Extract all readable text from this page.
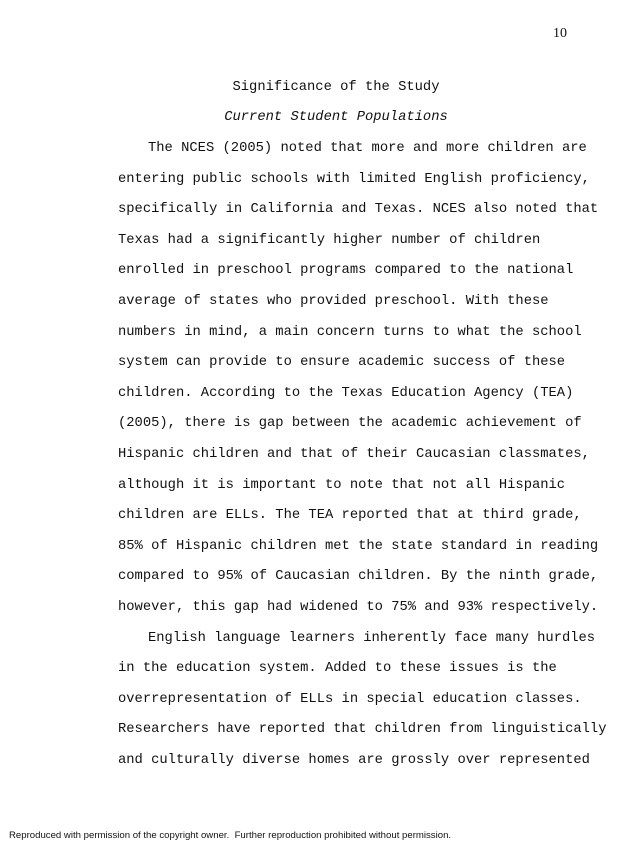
10
Significance of the Study
Current Student Populations
The NCES (2005) noted that more and more children are
entering public schools with limited English proficiency,
specifically in California and Texas. NCES also noted that
Texas had a significantly higher number of children
enrolled in preschool programs compared to the national
average of states who provided preschool. With these
numbers in mind, a main concern turns to what the school
system can provide to ensure academic success of these
children. According to the Texas Education Agency (TEA)
(2005), there is gap between the academic achievement of
Hispanic children and that of their Caucasian classmates,
although it is important to note that not all Hispanic
children are ELLs. The TEA reported that at third grade,
85% of Hispanic children met the state standard in reading
compared to 95% of Caucasian children. By the ninth grade,
however, this gap had widened to 75% and 93% respectively.
English language learners inherently face many hurdles
in the education system. Added to these issues is the
overrepresentation of ELLs in special education classes.
Researchers have reported that children from linguistically
and culturally diverse homes are grossly over represented
Reproduced with permission of the copyright owner.  Further reproduction prohibited without permission.
